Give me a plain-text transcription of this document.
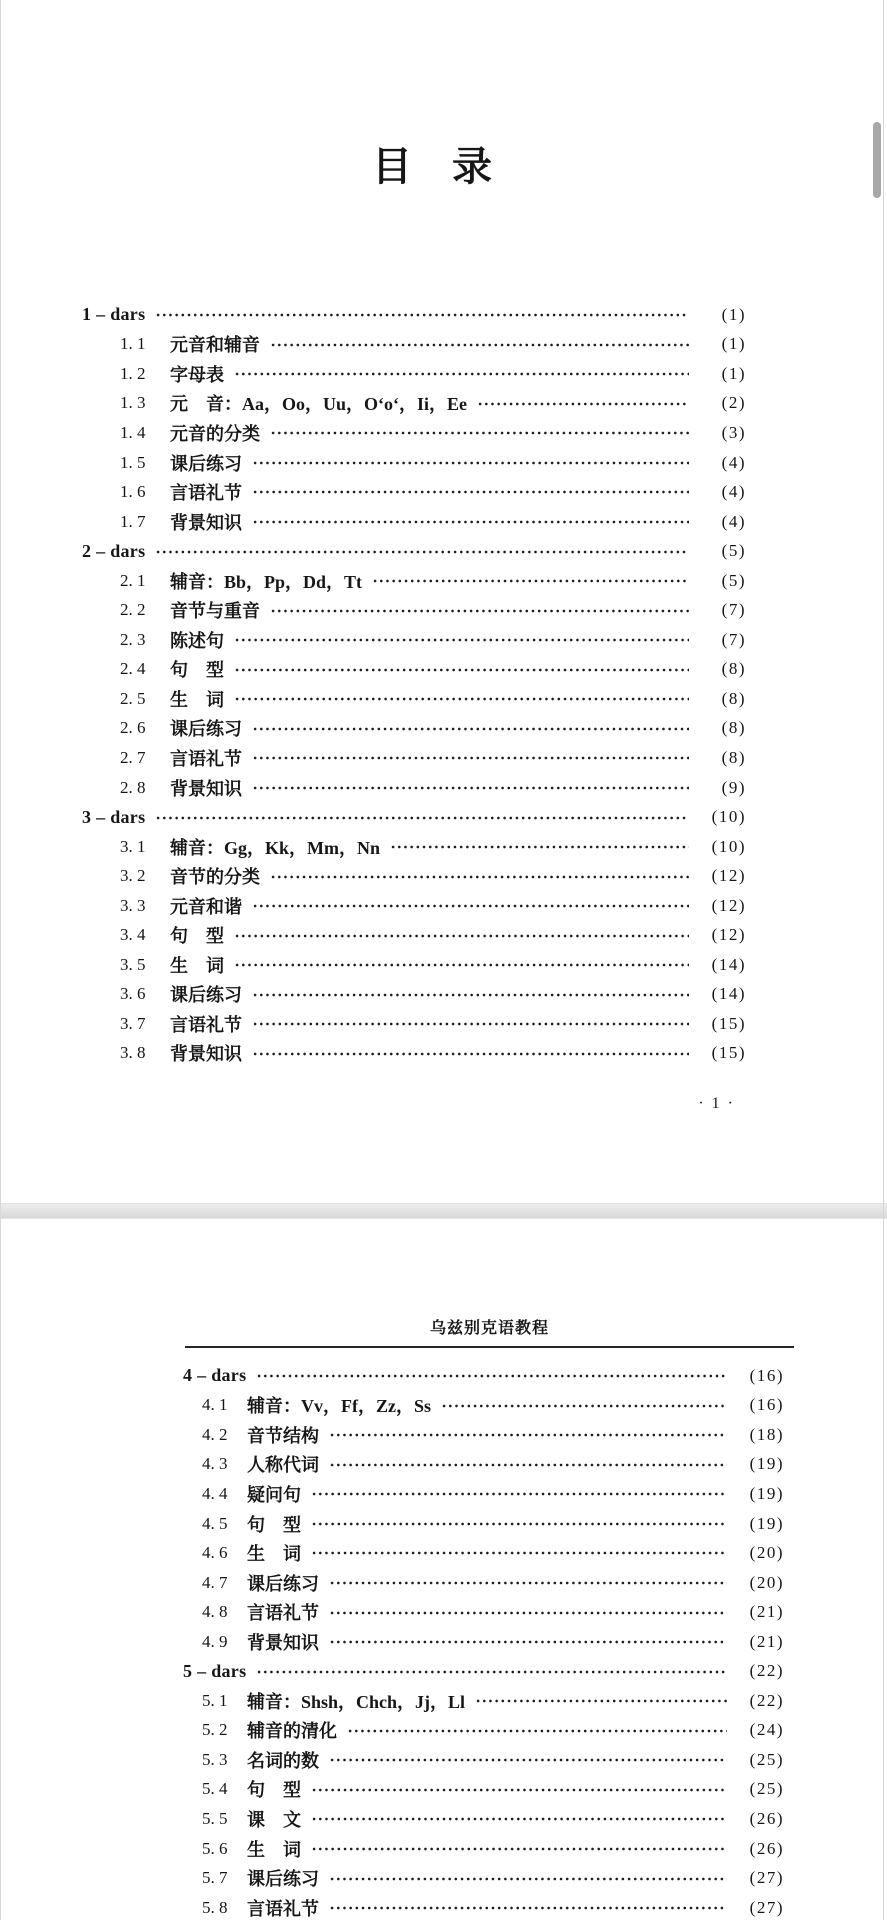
目　录
1 – dars	(1)
1. 1	元音和辅音	(1)
1. 2	字母表	(1)
1. 3	元　音：Aa，Oo，Uu，Oʻoʻ，Ii，Ee	(2)
1. 4	元音的分类	(3)
1. 5	课后练习	(4)
1. 6	言语礼节	(4)
1. 7	背景知识	(4)
2 – dars	(5)
2. 1	辅音：Bb，Pp，Dd，Tt	(5)
2. 2	音节与重音	(7)
2. 3	陈述句	(7)
2. 4	句　型	(8)
2. 5	生　词	(8)
2. 6	课后练习	(8)
2. 7	言语礼节	(8)
2. 8	背景知识	(9)
3 – dars	(10)
3. 1	辅音：Gg，Kk，Mm，Nn	(10)
3. 2	音节的分类	(12)
3. 3	元音和谐	(12)
3. 4	句　型	(12)
3. 5	生　词	(14)
3. 6	课后练习	(14)
3. 7	言语礼节	(15)
3. 8	背景知识	(15)
· 1 ·
乌兹别克语教程
4 – dars	(16)
4. 1	辅音：Vv，Ff，Zz，Ss	(16)
4. 2	音节结构	(18)
4. 3	人称代词	(19)
4. 4	疑问句	(19)
4. 5	句　型	(19)
4. 6	生　词	(20)
4. 7	课后练习	(20)
4. 8	言语礼节	(21)
4. 9	背景知识	(21)
5 – dars	(22)
5. 1	辅音：Shsh，Chch，Jj，Ll	(22)
5. 2	辅音的清化	(24)
5. 3	名词的数	(25)
5. 4	句　型	(25)
5. 5	课　文	(26)
5. 6	生　词	(26)
5. 7	课后练习	(27)
5. 8	言语礼节	(27)
